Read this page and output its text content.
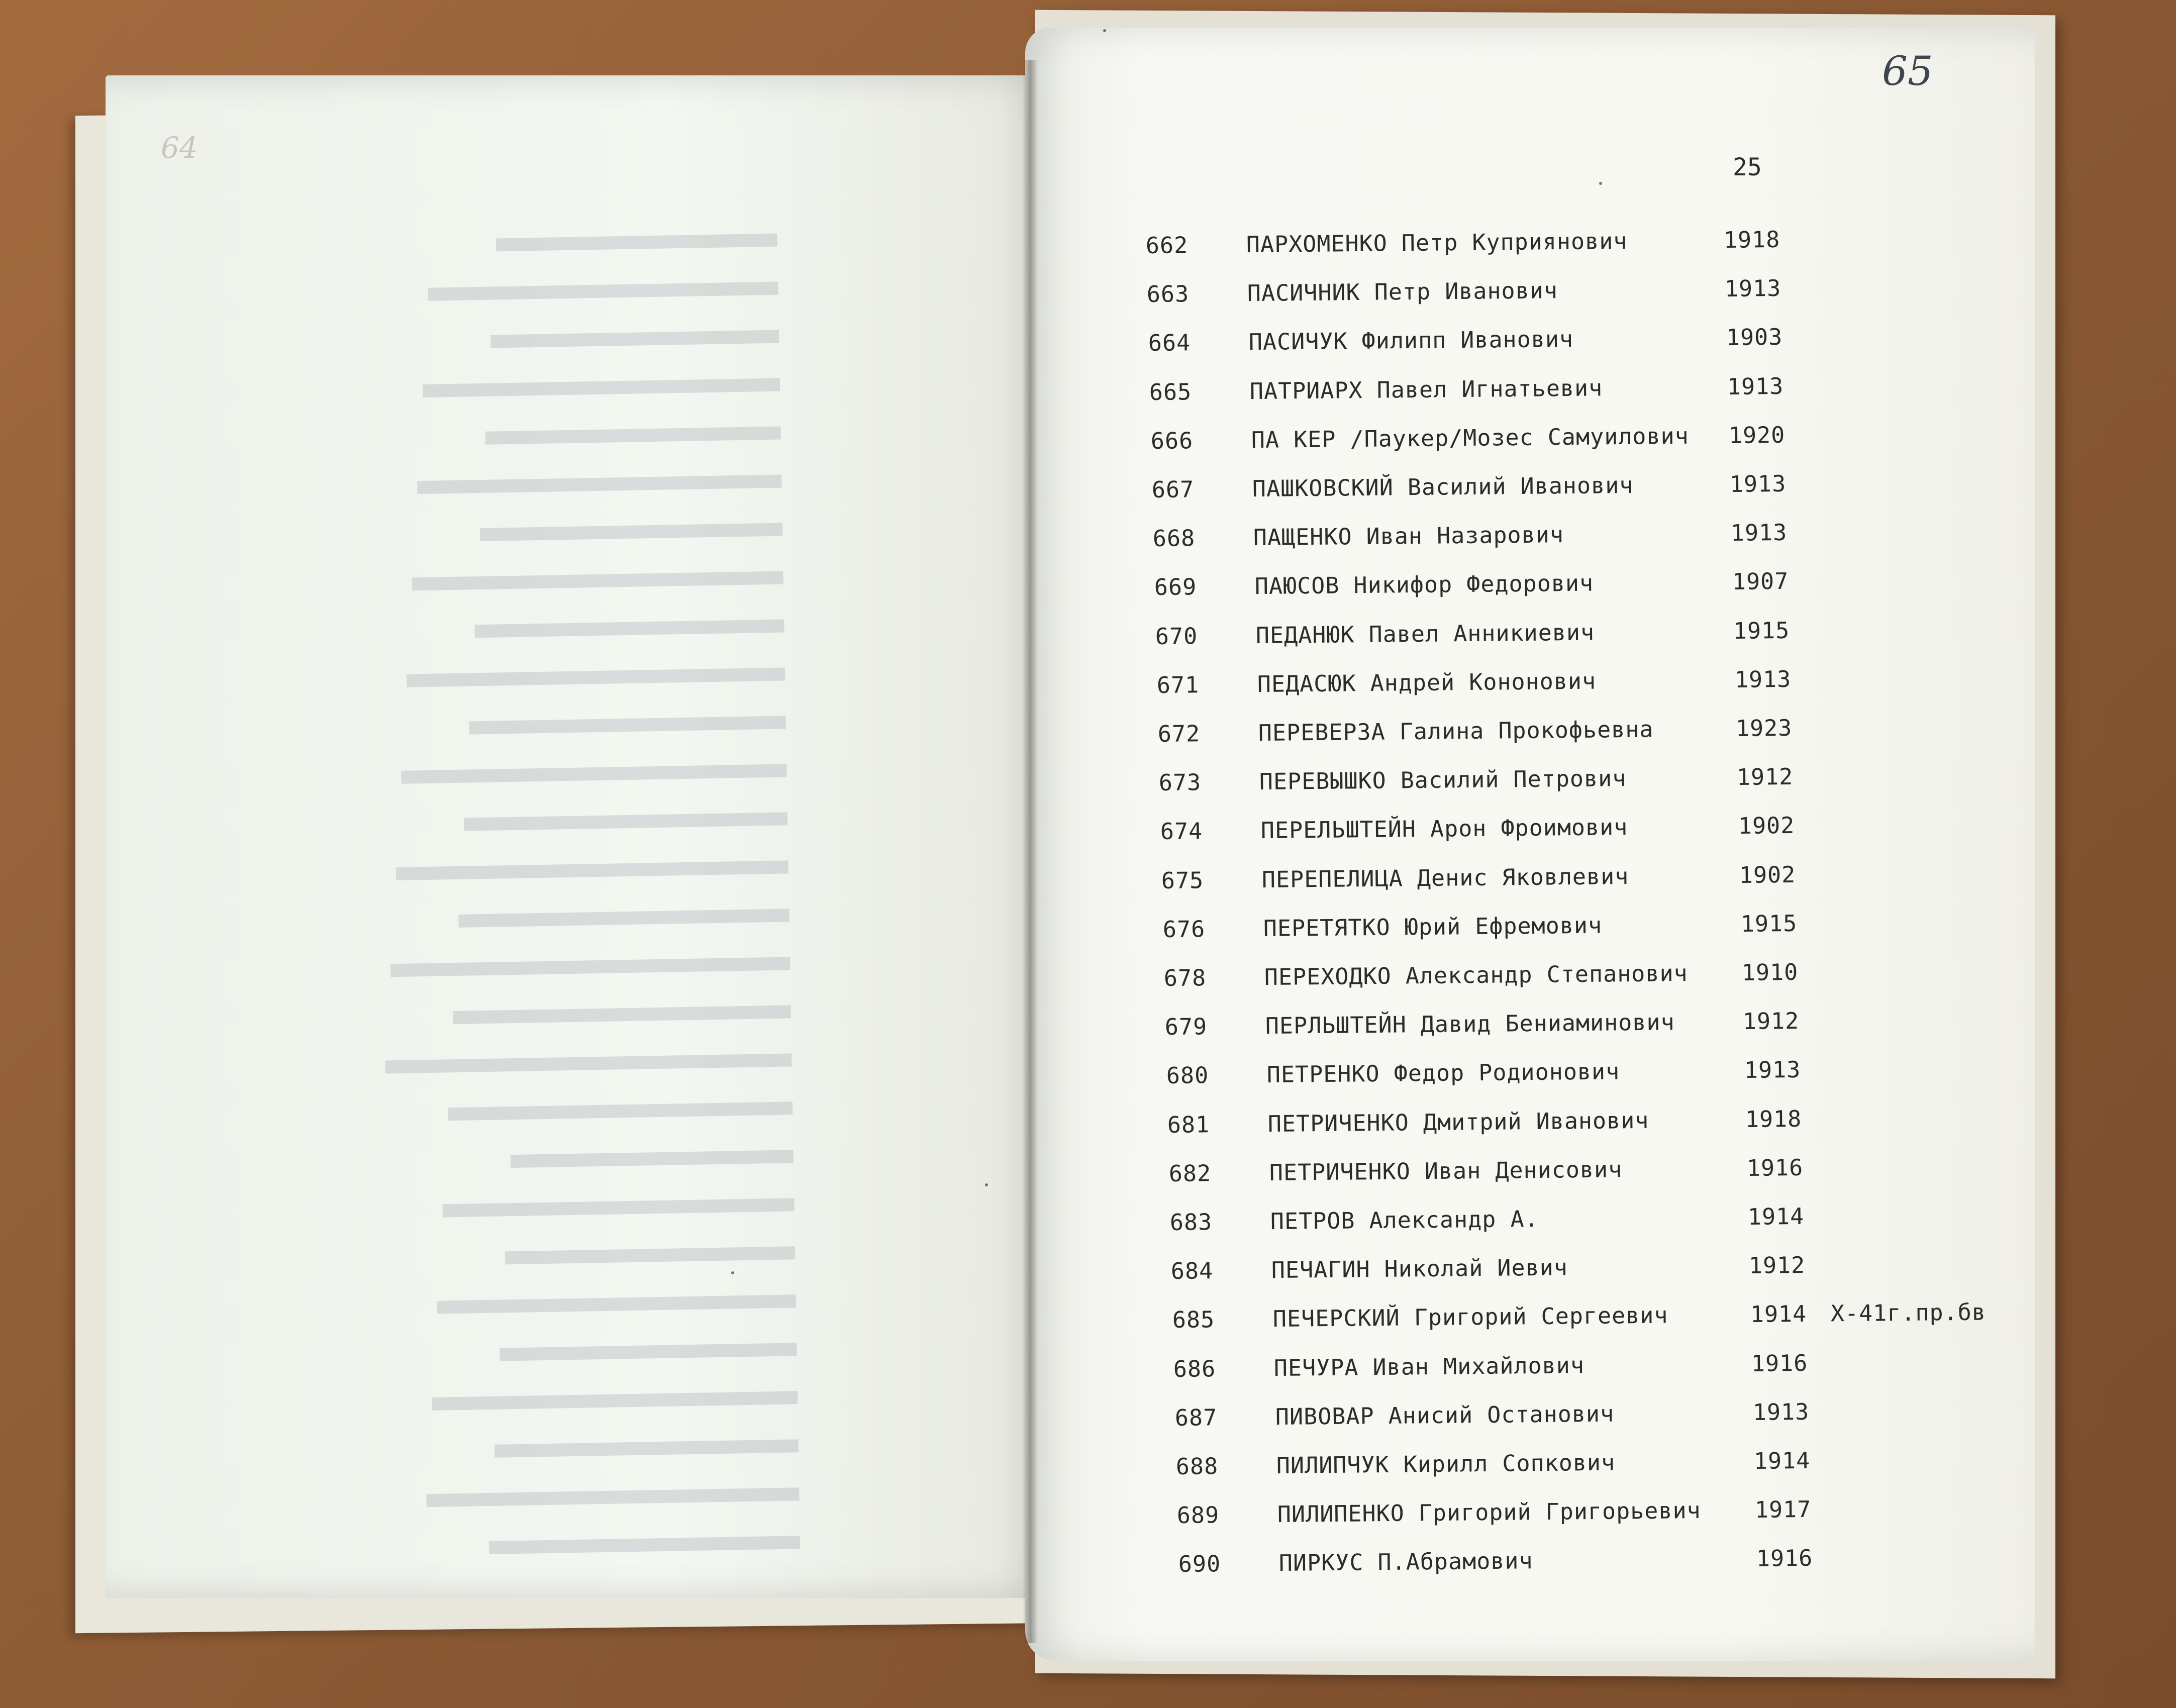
64
65
25
662	ПАРХОМЕНКО Петр Куприянович	1918
663	ПАСИЧНИК Петр Иванович	1913
664	ПАСИЧУК Филипп Иванович	1903
665	ПАТРИАРХ Павел Игнатьевич	1913
666	ПА КЕР /Паукер/Мозес Самуилович 1920
667	ПАШКОВСКИЙ Василий Иванович	1913
668	ПАЩЕНКО Иван Назарович	1913
669	ПАЮСОВ Никифор Федорович	1907
670	ПЕДАНЮК Павел Анникиевич	1915
671	ПЕДАСЮК Андрей Кононович	1913
672	ПЕРЕВЕРЗА Галина Прокофьевна	1923
673	ПЕРЕВЫШКО Василий Петрович	1912
674	ПЕРЕЛЬШТЕЙН Арон Фроимович	1902
675	ПЕРЕПЕЛИЦА Денис Яковлевич	1902
676	ПЕРЕТЯТКО Юрий Ефремович	1915
678	ПЕРЕХОДКО Александр Степанович 1910
679	ПЕРЛЬШТЕЙН Давид Бениаминович	1912
680	ПЕТРЕНКО Федор Родионович	1913
681	ПЕТРИЧЕНКО Дмитрий Иванович	1918
682	ПЕТРИЧЕНКО Иван Денисович	1916
683	ПЕТРОВ Александр А.	1914
684	ПЕЧАГИН Николай Иевич	1912
685	ПЕЧЕРСКИЙ Григорий Сергеевич	1914 X-41г.пр.бв
686	ПЕЧУРА Иван Михайлович	1916
687	ПИВОВАР Анисий Останович	1913
688	ПИЛИПЧУК Кирилл Сопкович	1914
689	ПИЛИПЕНКО Григорий Григорьевич 1917
690	ПИРКУС П.Абрамович	1916
